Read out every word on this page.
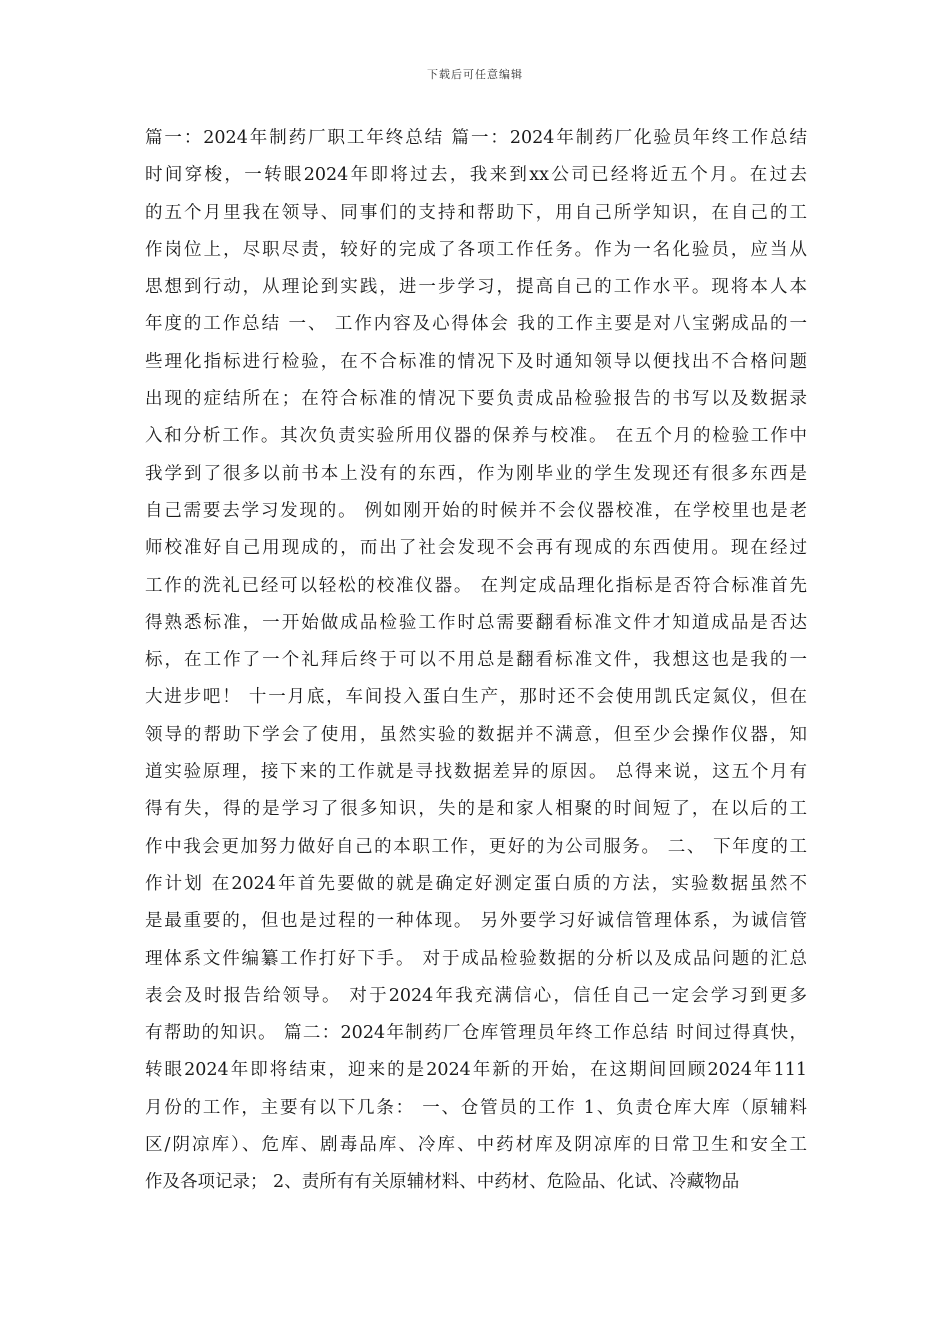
下载后可任意编辑
篇一：2024年制药厂职工年终总结 篇一：2024年制药厂化验员年终工作总结
时间穿梭，一转眼2024年即将过去，我来到xx公司已经将近五个月。在过去
的五个月里我在领导、同事们的支持和帮助下，用自己所学知识，在自己的工
作岗位上，尽职尽责，较好的完成了各项工作任务。作为一名化验员，应当从
思想到行动，从理论到实践，进一步学习，提高自己的工作水平。现将本人本
年度的工作总结 一、 工作内容及心得体会 我的工作主要是对八宝粥成品的一
些理化指标进行检验，在不合标准的情况下及时通知领导以便找出不合格问题
出现的症结所在；在符合标准的情况下要负责成品检验报告的书写以及数据录
入和分析工作。其次负责实验所用仪器的保养与校准。 在五个月的检验工作中
我学到了很多以前书本上没有的东西，作为刚毕业的学生发现还有很多东西是
自己需要去学习发现的。 例如刚开始的时候并不会仪器校准，在学校里也是老
师校准好自己用现成的，而出了社会发现不会再有现成的东西使用。现在经过
工作的洗礼已经可以轻松的校准仪器。 在判定成品理化指标是否符合标准首先
得熟悉标准，一开始做成品检验工作时总需要翻看标准文件才知道成品是否达
标，在工作了一个礼拜后终于可以不用总是翻看标准文件，我想这也是我的一
大进步吧！ 十一月底，车间投入蛋白生产，那时还不会使用凯氏定氮仪，但在
领导的帮助下学会了使用，虽然实验的数据并不满意，但至少会操作仪器，知
道实验原理，接下来的工作就是寻找数据差异的原因。 总得来说，这五个月有
得有失，得的是学习了很多知识，失的是和家人相聚的时间短了，在以后的工
作中我会更加努力做好自己的本职工作，更好的为公司服务。 二、 下年度的工
作计划 在2024年首先要做的就是确定好测定蛋白质的方法，实验数据虽然不
是最重要的，但也是过程的一种体现。 另外要学习好诚信管理体系，为诚信管
理体系文件编纂工作打好下手。 对于成品检验数据的分析以及成品问题的汇总
表会及时报告给领导。 对于2024年我充满信心，信任自己一定会学习到更多
有帮助的知识。 篇二：2024年制药厂仓库管理员年终工作总结 时间过得真快，
转眼2024年即将结束，迎来的是2024年新的开始，在这期间回顾2024年111
月份的工作，主要有以下几条： 一、仓管员的工作 1、负责仓库大库（原辅料
区/阴凉库）、危库、剧毒品库、冷库、中药材库及阴凉库的日常卫生和安全工
作及各项记录； 2、责所有有关原辅材料、中药材、危险品、化试、冷藏物品
